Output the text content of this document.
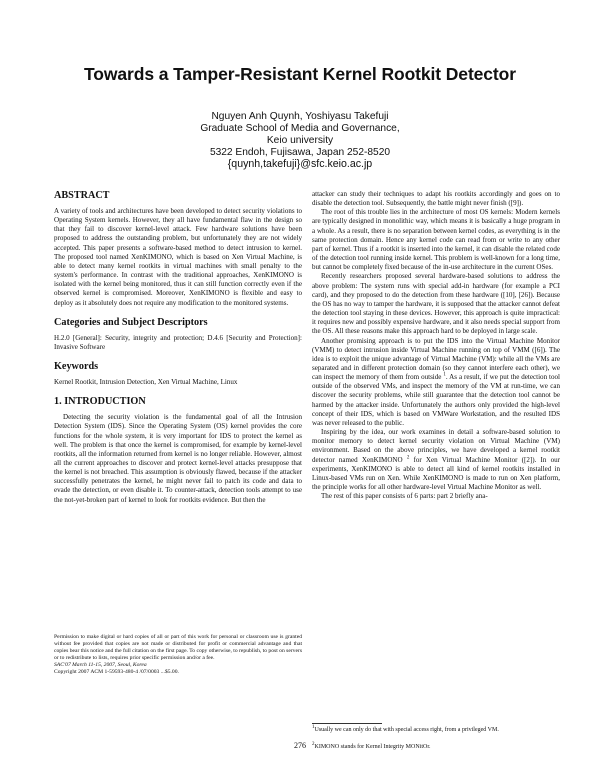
Towards a Tamper-Resistant Kernel Rootkit Detector
Nguyen Anh Quynh, Yoshiyasu Takefuji
Graduate School of Media and Governance,
Keio university
5322 Endoh, Fujisawa, Japan 252-8520
{quynh,takefuji}@sfc.keio.ac.jp
ABSTRACT

A variety of tools and architectures have been developed to detect security violations to Operating System kernels. However, they all have fundamental flaw in the design so that they fail to discover kernel-level attack. Few hardware solutions have been proposed to address the outstanding problem, but unfortunately they are not widely accepted. This paper presents a software-based method to detect intrusion to kernel. The proposed tool named XenKIMONO, which is based on Xen Virtual Machine, is able to detect many kernel rootkits in virtual machines with small penalty to the system's performance. In contrast with the traditional approaches, XenKIMONO is isolated with the kernel being monitored, thus it can still function correctly even if the observed kernel is compromised. Moreover, XenKIMONO is flexible and easy to deploy as it absolutely does not require any modification to the monitored systems.

Categories and Subject Descriptors

H.2.0 [General]: Security, integrity and protection; D.4.6 [Security and Protection]: Invasive Software

Keywords

Kernel Rootkit, Intrusion Detection, Xen Virtual Machine, Linux

1. INTRODUCTION

Detecting the security violation is the fundamental goal of all the Intrusion Detection System (IDS). Since the Operating System (OS) kernel provides the core functions for the whole system, it is very important for IDS to protect the kernel as well. The problem is that once the kernel is compromised, for example by kernel-level rootkits, all the information returned from kernel is no longer reliable. However, almost all the current approaches to discover and protect kernel-level attacks presuppose that the kernel is not breached. This assumption is obviously flawed, because if the attacker successfully penetrates the kernel, he might never fail to patch its code and data to evade the detection, or even disable it. To counter-attack, detection tools attempt to use the not-yet-broken part of kernel to look for rootkits evidence. But then the

attacker can study their techniques to adapt his rootkits accordingly and goes on to disable the detection tool. Subsequently, the battle might never finish ([9]).

The root of this trouble lies in the architecture of most OS kernels: Modern kernels are typically designed in monolithic way, which means it is basically a huge program in a whole. As a result, there is no separation between kernel codes, as everything is in the same protection domain. Hence any kernel code can read from or write to any other part of kernel. Thus if a rootkit is inserted into the kernel, it can disable the related code of the detection tool running inside kernel. This problem is well-known for a long time, but cannot be completely fixed because of the in-use architecture in the current OSes.

Recently researchers proposed several hardware-based solutions to address the above problem: The system runs with special add-in hardware (for example a PCI card), and they proposed to do the detection from these hardware ([10], [26]). Because the OS has no way to tamper the hardware, it is supposed that the attacker cannot defeat the detection tool staying in these devices. However, this approach is quite impractical: it requires new and possibly expensive hardware, and it also needs special support from the OS. All these reasons make this approach hard to be deployed in large scale.

Another promising approach is to put the IDS into the Virtual Machine Monitor (VMM) to detect intrusion inside Virtual Machine running on top of VMM ([6]). The idea is to exploit the unique advantage of Virtual Machine (VM): while all the VMs are separated and in different protection domain (so they cannot interfere each other), we can inspect the memory of them from outside $^1$. As a result, if we put the detection tool outside of the observed VMs, and inspect the memory of the VM at run-time, we can discover the security problems, while still guarantee that the detection tool cannot be harmed by the attacker inside. Unfortunately the authors only provided the high-level concept of their IDS, which is based on VMWare Workstation, and the resulted IDS was never released to the public.

Inspiring by the idea, our work examines in detail a software-based solution to monitor memory to detect kernel security violation on Virtual Machine (VM) environment. Based on the above principles, we have developed a kernel rootkit detector named XenKIMONO $^2$ for Xen Virtual Machine Monitor ([2]). In our experiments, XenKIMONO is able to detect all kind of kernel rootkits installed in Linux-based VMs run on Xen. While XenKIMONO is made to run on Xen platform, the principle works for all other hardware-level Virtual Machine Monitor as well.

The rest of this paper consists of 6 parts: part 2 briefly ana-

Permission to make digital or hard copies of all or part of this work for personal or classroom use is granted without fee provided that copies are not made or distributed for profit or commercial advantage and that copies bear this notice and the full citation on the first page. To copy otherwise, to republish, to post on servers or to redistribute to lists, requires prior specific permission and/or a fee.
SAC'07 March 11-15, 2007, Seoul, Korea
Copyright 2007 ACM 1-59593-480-4 /07/0003 ...$5.00.
$^1$Usually we can only do that with special access right, from a privileged VM.
$^2$KIMONO stands for Kernel Integrity MONitOr.
276
